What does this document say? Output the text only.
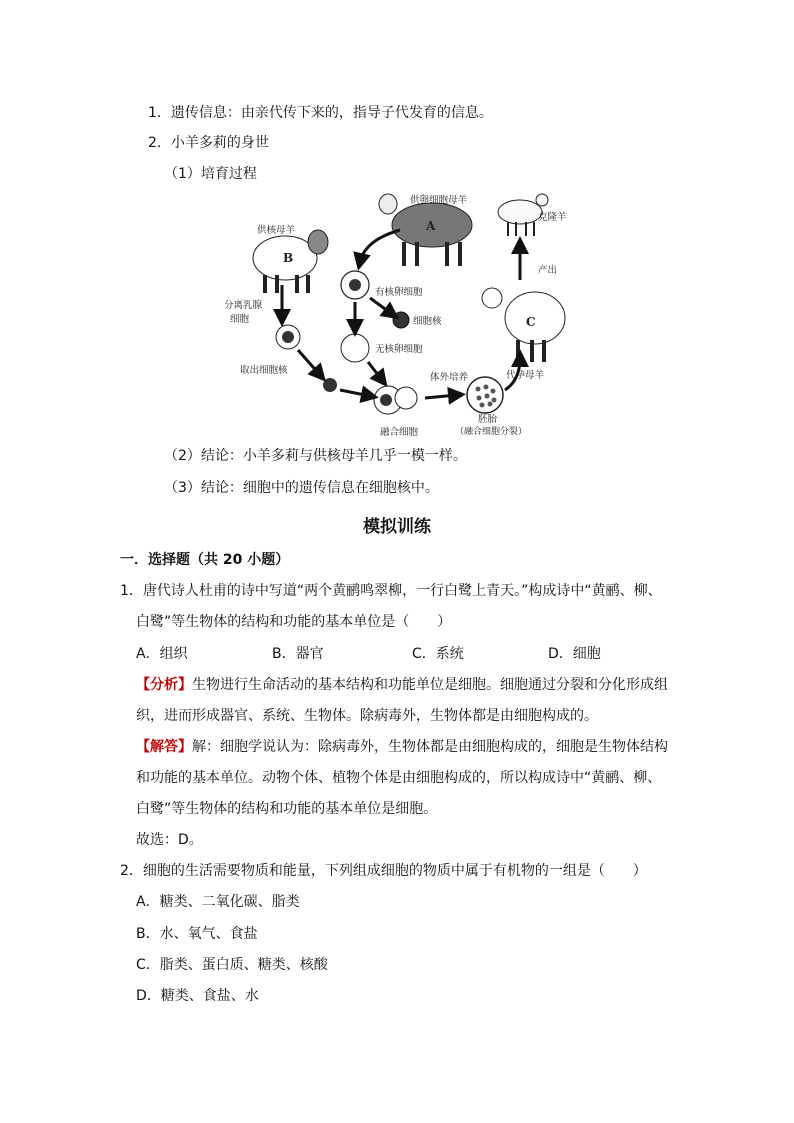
1．遗传信息：由亲代传下来的，指导子代发育的信息。
2．小羊多莉的身世
（1）培育过程
供卵细胞母羊
A
克隆羊
供核母羊
B
有核卵细胞
细胞核
分离乳腺
细胞
无核卵细胞
C
产出
取出细胞核
融合细胞
体外培养
胚胎
（融合细胞分裂）
代孕母羊
（2）结论：小羊多莉与供核母羊几乎一模一样。
（3）结论：细胞中的遗传信息在细胞核中。
模拟训练
一．选择题（共 20 小题）
1．唐代诗人杜甫的诗中写道“两个黄鹂鸣翠柳，一行白鹭上青天。”构成诗中“黄鹂、柳、
白鹭”等生物体的结构和功能的基本单位是（　　）
A．组织	B．器官	C．系统	D．细胞
【分析】生物进行生命活动的基本结构和功能单位是细胞。细胞通过分裂和分化形成组
织，进而形成器官、系统、生物体。除病毒外，生物体都是由细胞构成的。
【解答】解：细胞学说认为：除病毒外，生物体都是由细胞构成的，细胞是生物体结构
和功能的基本单位。动物个体、植物个体是由细胞构成的，所以构成诗中“黄鹂、柳、
白鹭”等生物体的结构和功能的基本单位是细胞。
故选：D。
2．细胞的生活需要物质和能量，下列组成细胞的物质中属于有机物的一组是（　　）
A．糖类、二氧化碳、脂类
B．水、氧气、食盐
C．脂类、蛋白质、糖类、核酸
D．糖类、食盐、水
